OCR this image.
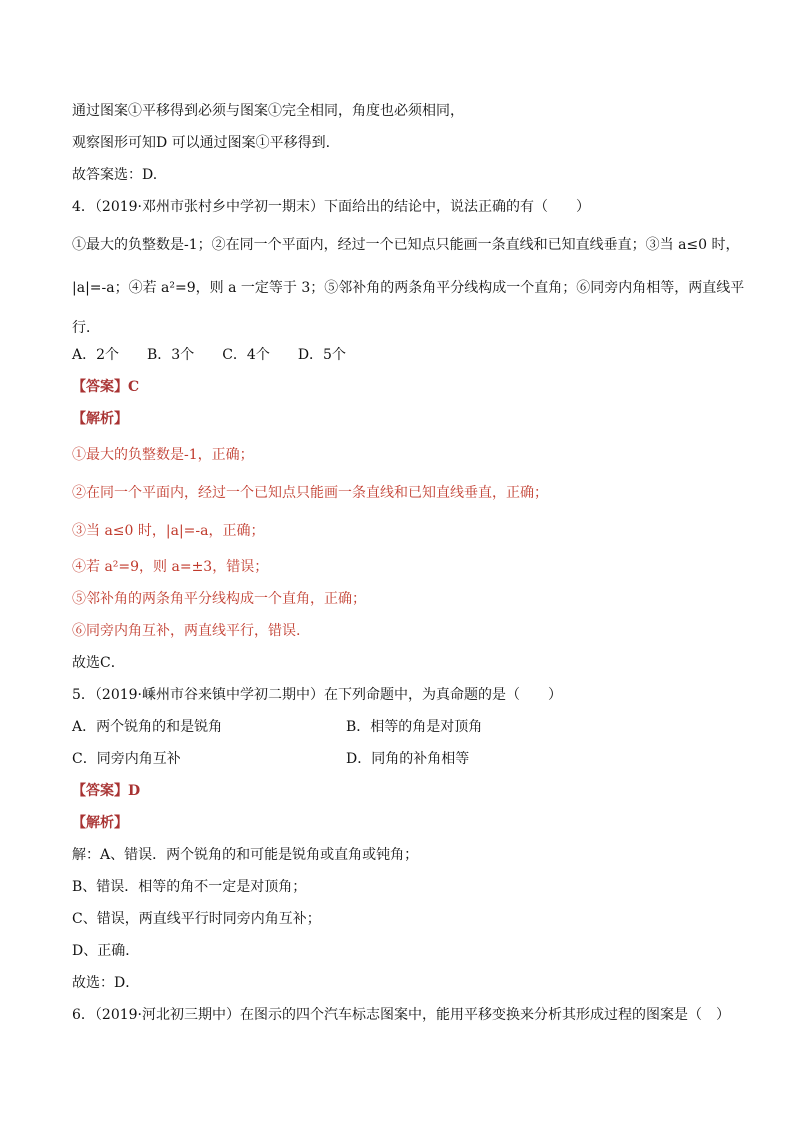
通过图案①平移得到必须与图案①完全相同，角度也必须相同，

观察图形可知D 可以通过图案①平移得到.

故答案选：D.

4．（2019·邓州市张村乡中学初一期末）下面给出的结论中，说法正确的有（　　）

①最大的负整数是-1；②在同一个平面内，经过一个已知点只能画一条直线和已知直线垂直；③当 a≤0 时，

|a|=-a；④若 a²=9，则 a 一定等于 3；⑤邻补角的两条角平分线构成一个直角；⑥同旁内角相等，两直线平

行．

A．2个　　B．3个　　C．4个　　D．5个

【答案】C

【解析】

①最大的负整数是-1，正确；

②在同一个平面内，经过一个已知点只能画一条直线和已知直线垂直，正确；

③当 a≤0 时，|a|=-a，正确；

④若 a²=9，则 a=±3，错误；

⑤邻补角的两条角平分线构成一个直角，正确；

⑥同旁内角互补，两直线平行，错误.

故选C．

5．（2019·嵊州市谷来镇中学初二期中）在下列命题中，为真命题的是（　　）

A．两个锐角的和是锐角	B．相等的角是对顶角
C．同旁内角互补	D．同角的补角相等

【答案】D

【解析】

解：A、错误．两个锐角的和可能是锐角或直角或钝角；

B、错误．相等的角不一定是对顶角；

C、错误，两直线平行时同旁内角互补；

D、正确．

故选：D．

6．（2019·河北初三期中）在图示的四个汽车标志图案中，能用平移变换来分析其形成过程的图案是（　）
